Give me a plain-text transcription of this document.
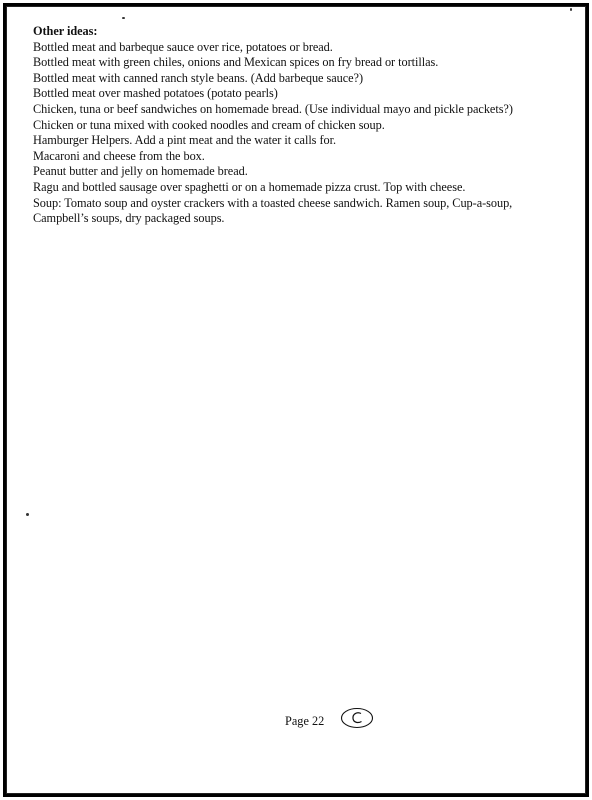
Other ideas:

Bottled meat and barbeque sauce over rice, potatoes or bread.
Bottled meat with green chiles, onions and Mexican spices on fry bread or tortillas.
Bottled meat with canned ranch style beans. (Add barbeque sauce?)
Bottled meat over mashed potatoes (potato pearls)
Chicken, tuna or beef sandwiches on homemade bread. (Use individual mayo and pickle packets?)
Chicken or tuna mixed with cooked noodles and cream of chicken soup.
Hamburger Helpers. Add a pint meat and the water it calls for.
Macaroni and cheese from the box.
Peanut butter and jelly on homemade bread.
Ragu and bottled sausage over spaghetti or on a homemade pizza crust. Top with cheese.
Soup: Tomato soup and oyster crackers with a toasted cheese sandwich. Ramen soup, Cup-a-soup, Campbell’s soups, dry packaged soups.
Page 22
